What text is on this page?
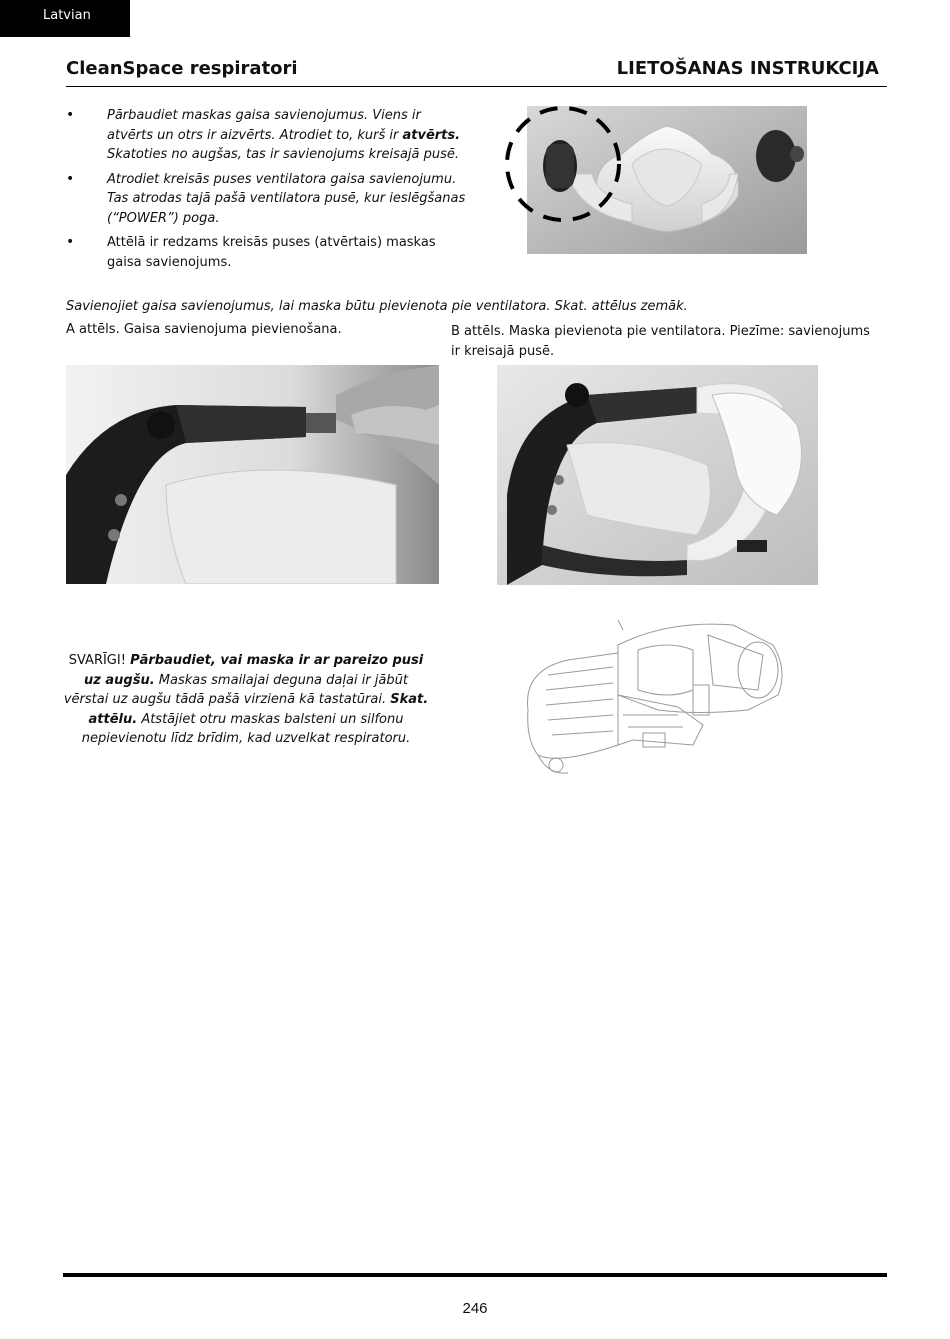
Latvian
CleanSpace respiratori	LIETOŠANAS INSTRUKCIJA
• Pārbaudiet maskas gaisa savienojumus. Viens ir atvērts un otrs ir aizvērts. Atrodiet to, kurš ir atvērts. Skatoties no augšas, tas ir savienojums kreisajā pusē.
• Atrodiet kreisās puses ventilatora gaisa savienojumu. Tas atrodas tajā pašā ventilatora pusē, kur ieslēgšanas (“POWER”) poga.
• Attēlā ir redzams kreisās puses (atvērtais) maskas gaisa savienojums.
Savienojiet gaisa savienojumus, lai maska būtu pievienota pie ventilatora. Skat. attēlus zemāk.
A attēls. Gaisa savienojuma pievienošana.	B attēls. Maska pievienota pie ventilatora. Piezīme: savienojums ir kreisajā pusē.
SVARĪGI! Pārbaudiet, vai maska ir ar pareizo pusi uz augšu. Maskas smailajai deguna daļai ir jābūt vērstai uz augšu tādā pašā virzienā kā tastatūrai. Skat. attēlu. Atstājiet otru maskas balsteni un silfonu nepievienotu līdz brīdim, kad uzvelkat respiratoru.
246
